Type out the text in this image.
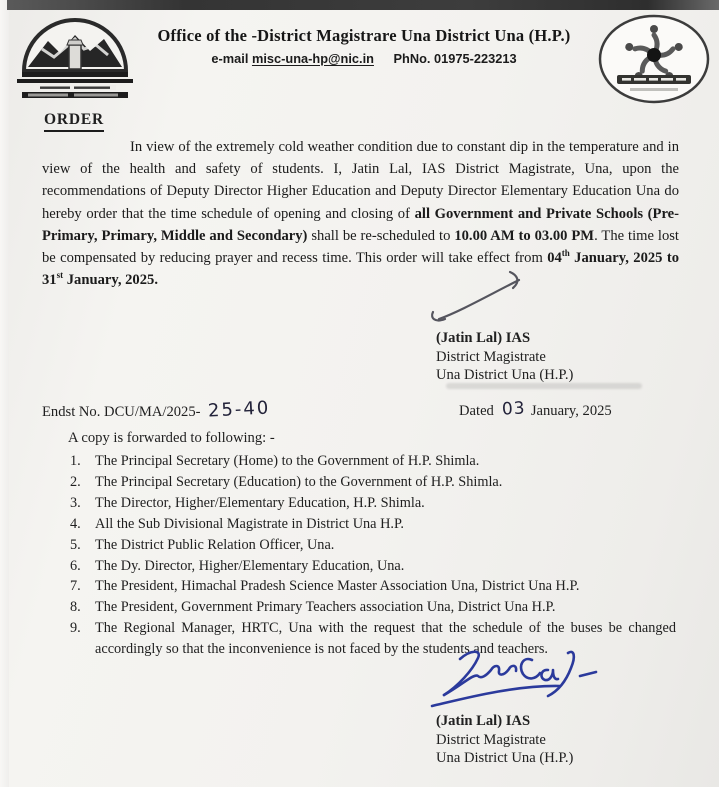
Office of the -District Magistrare Una District Una (H.P.)
e-mail misc-una-hp@nic.in PhNo. 01975-223213
ORDER

In view of the extremely cold weather condition due to constant dip in the temperature and in view of the health and safety of students. I, Jatin Lal, IAS District Magistrate, Una, upon the recommendations of Deputy Director Higher Education and Deputy Director Elementary Education Una do hereby order that the time schedule of opening and closing of all Government and Private Schools (Pre-Primary, Primary, Middle and Secondary) shall be re-scheduled to 10.00 AM to 03.00 PM. The time lost be compensated by reducing prayer and recess time. This order will take effect from 04th January, 2025 to 31st January, 2025.

(Jatin Lal) IAS
District Magistrate
Una District Una (H.P.)
Endst No. DCU/MA/2025- 25-40	Dated 03 January, 2025
A copy is forwarded to following: -
1. The Principal Secretary (Home) to the Government of H.P. Shimla.
2. The Principal Secretary (Education) to the Government of H.P. Shimla.
3. The Director, Higher/Elementary Education, H.P. Shimla.
4. All the Sub Divisional Magistrate in District Una H.P.
5. The District Public Relation Officer, Una.
6. The Dy. Director, Higher/Elementary Education, Una.
7. The President, Himachal Pradesh Science Master Association Una, District Una H.P.
8. The President, Government Primary Teachers association Una, District Una H.P.
9. The Regional Manager, HRTC, Una with the request that the schedule of the buses be changed accordingly so that the inconvenience is not faced by the students and teachers.
(Jatin Lal) IAS
District Magistrate
Una District Una (H.P.)
